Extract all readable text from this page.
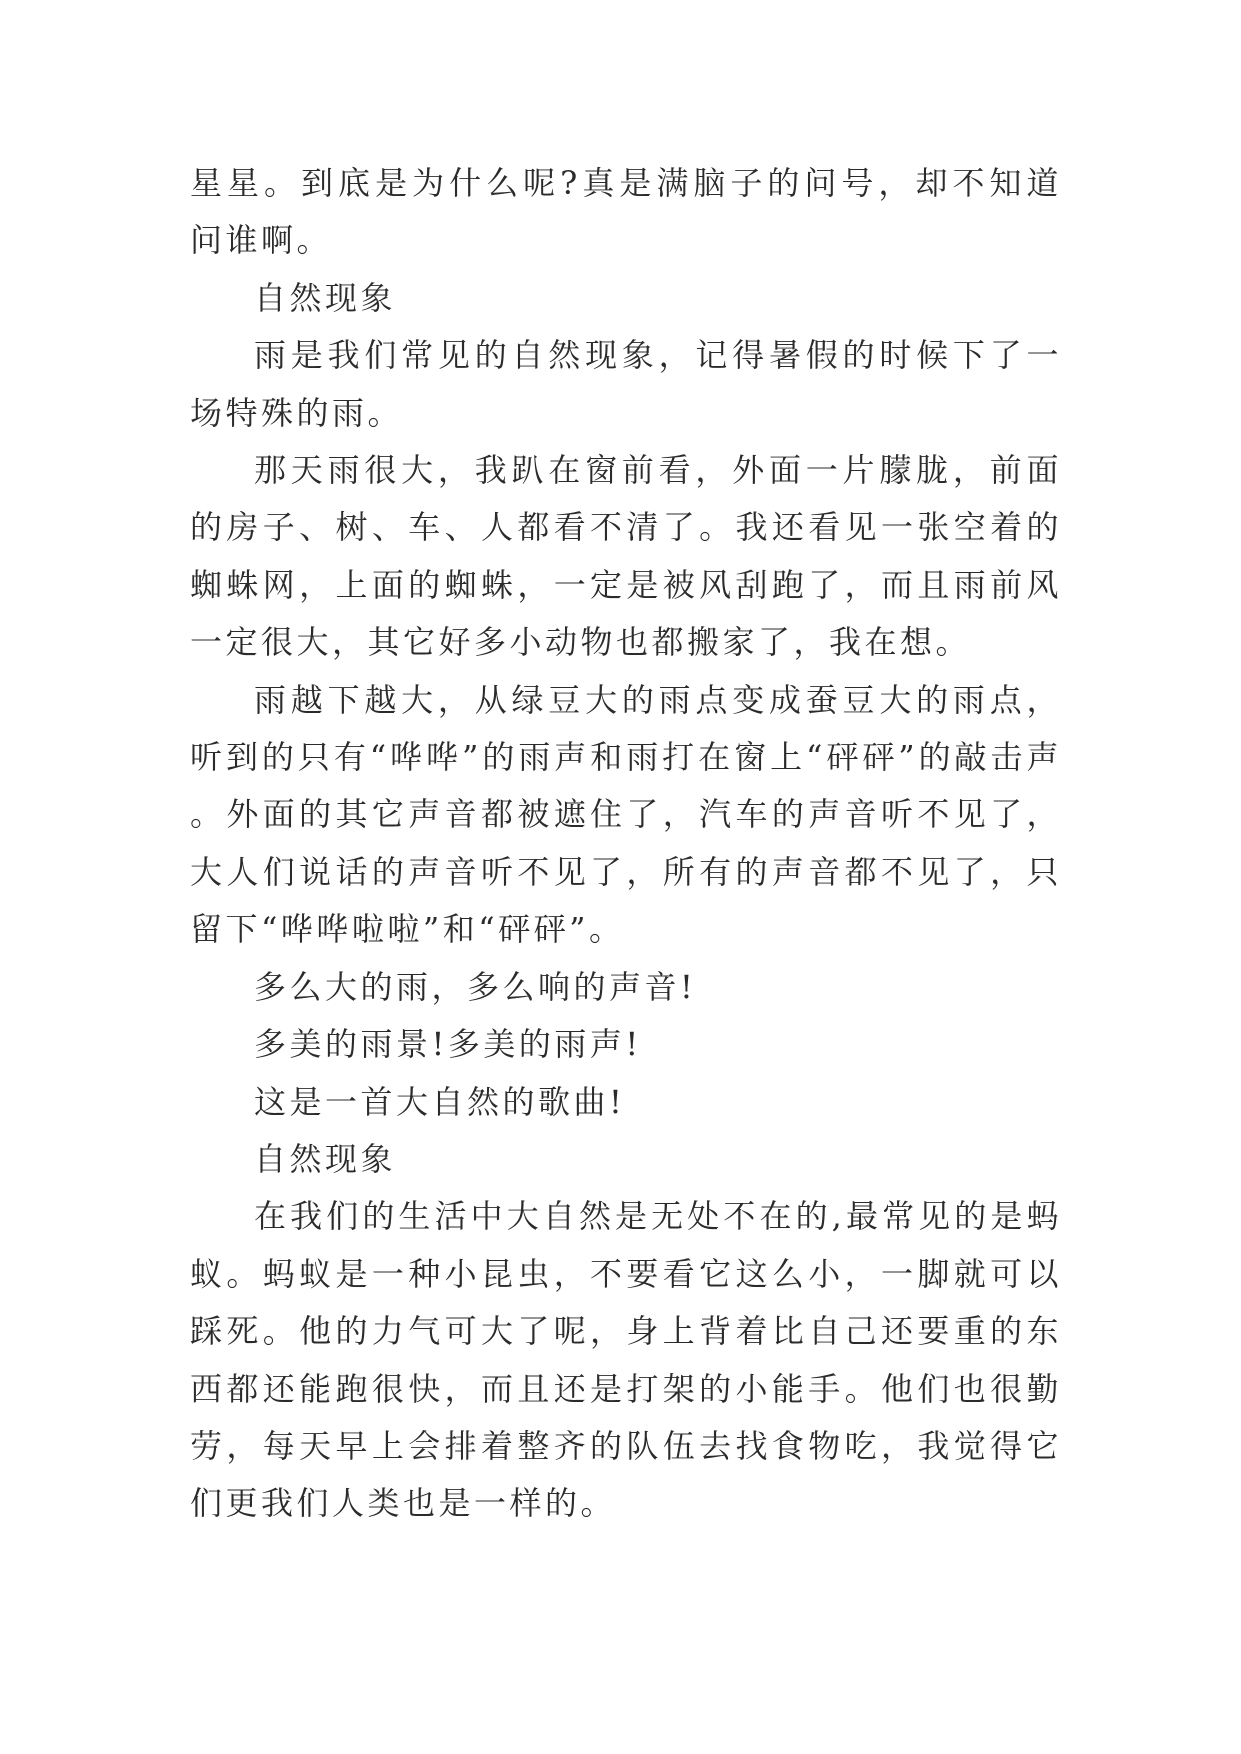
星星。到底是为什么呢?真是满脑子的问号，却不知道问谁啊。

自然现象

雨是我们常见的自然现象，记得暑假的时候下了一场特殊的雨。

那天雨很大，我趴在窗前看，外面一片朦胧，前面的房子、树、车、人都看不清了。我还看见一张空着的蜘蛛网，上面的蜘蛛，一定是被风刮跑了，而且雨前风一定很大，其它好多小动物也都搬家了，我在想。

雨越下越大，从绿豆大的雨点变成蚕豆大的雨点，听到的只有“哗哗”的雨声和雨打在窗上“砰砰”的敲击声。外面的其它声音都被遮住了，汽车的声音听不见了，大人们说话的声音听不见了，所有的声音都不见了，只留下“哗哗啦啦”和“砰砰”。

多么大的雨，多么响的声音!

多美的雨景!多美的雨声!

这是一首大自然的歌曲!

自然现象

在我们的生活中大自然是无处不在的,最常见的是蚂蚁。蚂蚁是一种小昆虫，不要看它这么小，一脚就可以踩死。他的力气可大了呢，身上背着比自己还要重的东西都还能跑很快，而且还是打架的小能手。他们也很勤劳，每天早上会排着整齐的队伍去找食物吃，我觉得它们更我们人类也是一样的。
